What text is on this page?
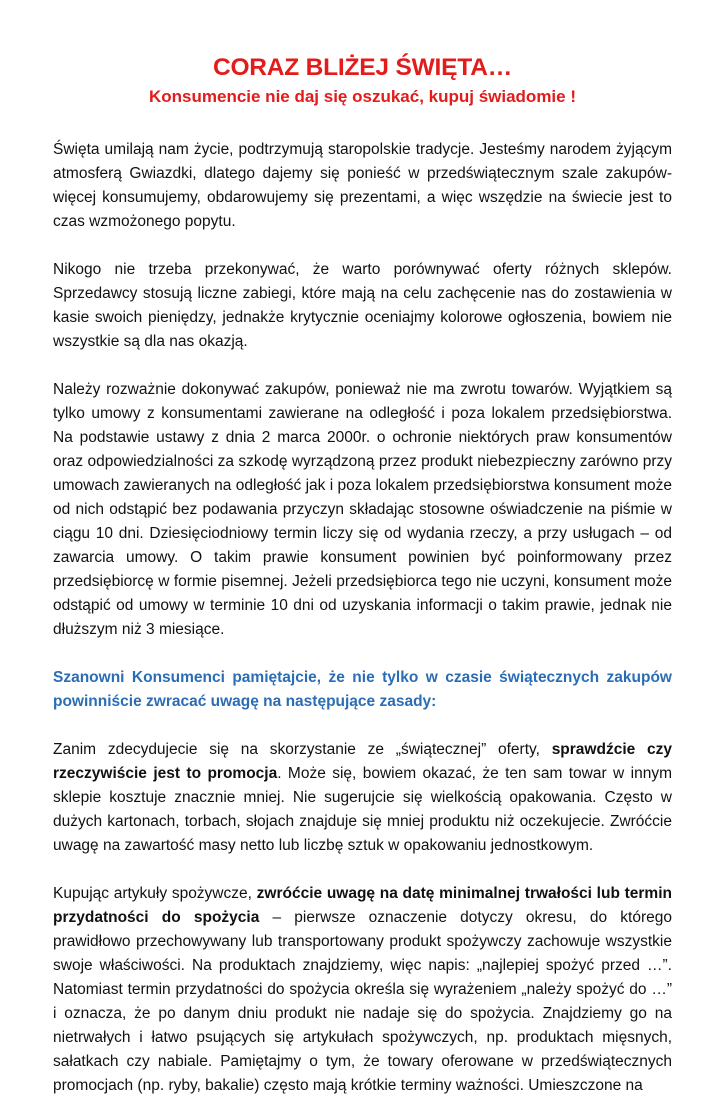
CORAZ BLIŻEJ ŚWIĘTA…
Konsumencie nie daj się oszukać, kupuj świadomie !

Święta umilają nam życie, podtrzymują staropolskie tradycje. Jesteśmy narodem żyjącym atmosferą Gwiazdki, dlatego dajemy się ponieść w przedświątecznym szale zakupów- więcej konsumujemy, obdarowujemy się prezentami, a więc wszędzie na świecie jest to czas wzmożonego popytu.

Nikogo nie trzeba przekonywać, że warto porównywać oferty różnych sklepów. Sprzedawcy stosują liczne zabiegi, które mają na celu zachęcenie nas do zostawienia w kasie swoich pieniędzy, jednakże krytycznie oceniajmy kolorowe ogłoszenia, bowiem nie wszystkie są dla nas okazją.

Należy rozważnie dokonywać zakupów, ponieważ nie ma zwrotu towarów. Wyjątkiem są tylko umowy z konsumentami zawierane na odległość i poza lokalem przedsiębiorstwa. Na podstawie ustawy z dnia 2 marca 2000r. o ochronie niektórych praw konsumentów oraz odpowiedzialności za szkodę wyrządzoną przez produkt niebezpieczny zarówno przy umowach zawieranych na odległość jak i poza lokalem przedsiębiorstwa konsument może od nich odstąpić bez podawania przyczyn składając stosowne oświadczenie na piśmie w ciągu 10 dni. Dziesięciodniowy termin liczy się od wydania rzeczy, a przy usługach – od zawarcia umowy. O takim prawie konsument powinien być poinformowany przez przedsiębiorcę w formie pisemnej. Jeżeli przedsiębiorca tego nie uczyni, konsument może odstąpić od umowy w terminie 10 dni od uzyskania informacji o takim prawie, jednak nie dłuższym niż 3 miesiące.

Szanowni Konsumenci pamiętajcie, że nie tylko w czasie świątecznych zakupów powinniście zwracać uwagę na następujące zasady:

Zanim zdecydujecie się na skorzystanie ze „świątecznej” oferty, sprawdźcie czy rzeczywiście jest to promocja. Może się, bowiem okazać, że ten sam towar w innym sklepie kosztuje znacznie mniej. Nie sugerujcie się wielkością opakowania. Często w dużych kartonach, torbach, słojach znajduje się mniej produktu niż oczekujecie. Zwróćcie uwagę na zawartość masy netto lub liczbę sztuk w opakowaniu jednostkowym.

Kupując artykuły spożywcze, zwróćcie uwagę na datę minimalnej trwałości lub termin przydatności do spożycia – pierwsze oznaczenie dotyczy okresu, do którego prawidłowo przechowywany lub transportowany produkt spożywczy zachowuje wszystkie swoje właściwości. Na produktach znajdziemy, więc napis: „najlepiej spożyć przed …”. Natomiast termin przydatności do spożycia określa się wyrażeniem „należy spożyć do …” i oznacza, że po danym dniu produkt nie nadaje się do spożycia. Znajdziemy go na nietrwałych i łatwo psujących się artykułach spożywczych, np. produktach mięsnych, sałatkach czy nabiale. Pamiętajmy o tym, że towary oferowane w przedświątecznych promocjach (np. ryby, bakalie) często mają krótkie terminy ważności. Umieszczone na
